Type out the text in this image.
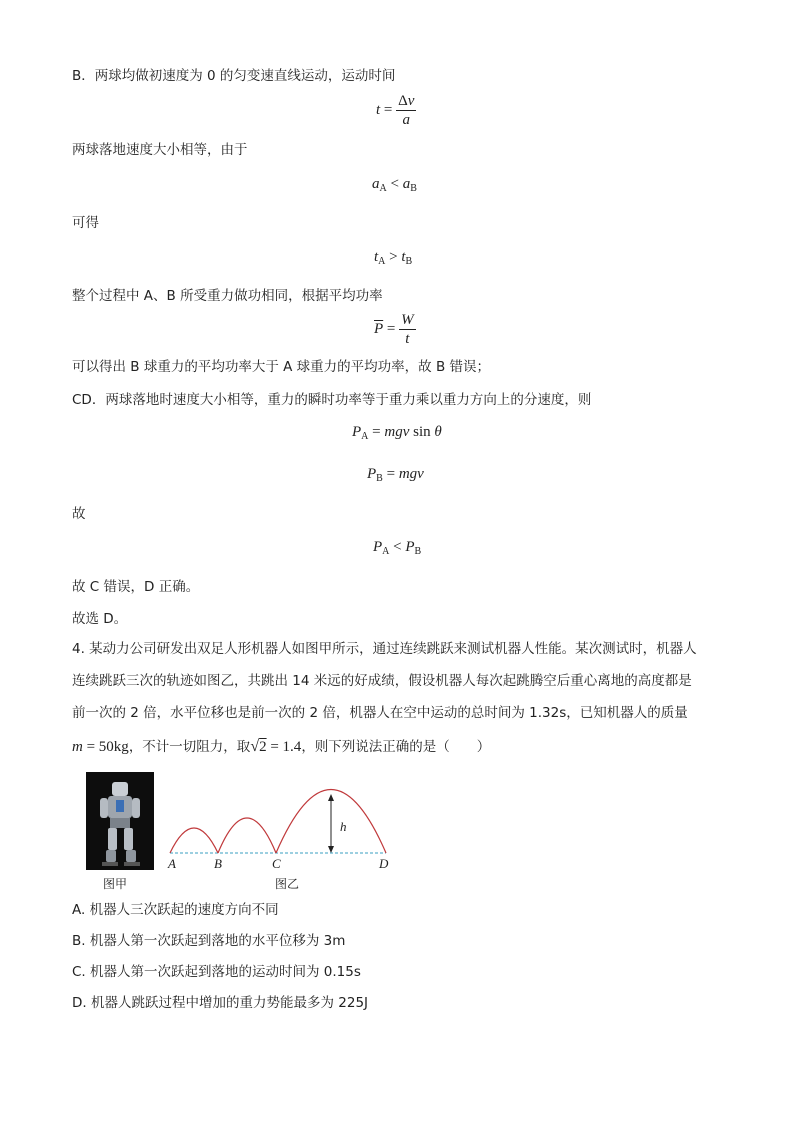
B．两球均做初速度为 0 的匀变速直线运动，运动时间
$t = \frac{\Delta v}{a}$
两球落地速度大小相等，由于
$a_A < a_B$
可得
$t_A > t_B$
整个过程中 A、B 所受重力做功相同，根据平均功率
$\overline{P} = \frac{W}{t}$
可以得出 B 球重力的平均功率大于 A 球重力的平均功率，故 B 错误；
CD．两球落地时速度大小相等，重力的瞬时功率等于重力乘以重力方向上的分速度，则
$P_A$ = mgv sin θ
$P_B$ = mgv
故
$P_A < P_B$
故 C 错误，D 正确。
故选 D。
4. 某动力公司研发出双足人形机器人如图甲所示，通过连续跳跃来测试机器人性能。某次测试时，机器人
连续跳跃三次的轨迹如图乙，共跳出 14 米远的好成绩，假设机器人每次起跳腾空后重心离地的高度都是
前一次的 2 倍，水平位移也是前一次的 2 倍，机器人在空中运动的总时间为 1.32s，已知机器人的质量
m = 50kg，不计一切阻力，取√2 = 1.4，则下列说法正确的是（　　）
h
A	B	C	D
图甲	图乙
A. 机器人三次跃起的速度方向不同
B. 机器人第一次跃起到落地的水平位移为 3m
C. 机器人第一次跃起到落地的运动时间为 0.15s
D. 机器人跳跃过程中增加的重力势能最多为 225J
